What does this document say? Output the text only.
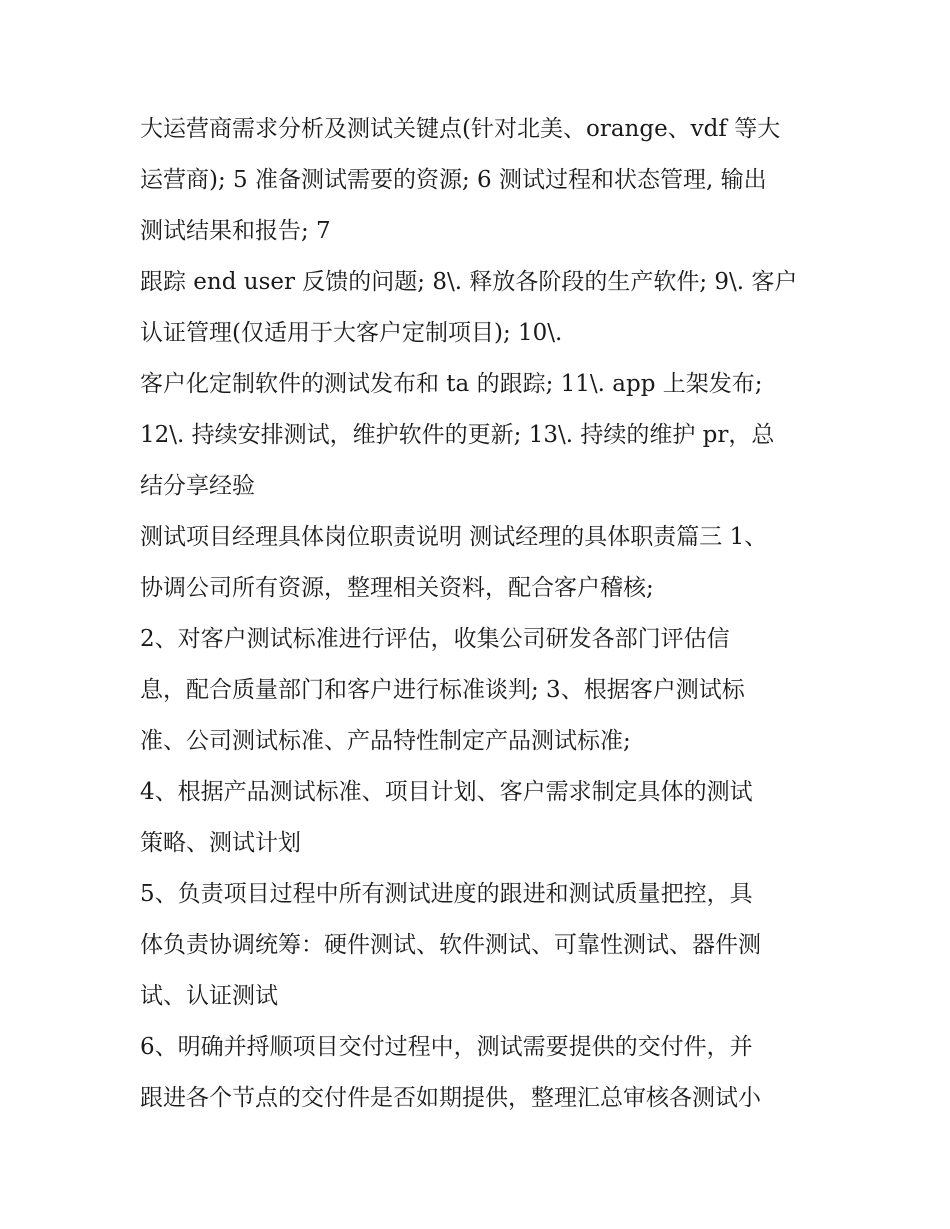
大运营商需求分析及测试关键点(针对北美、orange、vdf 等大
运营商); 5 准备测试需要的资源; 6 测试过程和状态管理, 输出
测试结果和报告; 7
跟踪 end user 反馈的问题; 8\. 释放各阶段的生产软件; 9\. 客户
认证管理(仅适用于大客户定制项目); 10\.
客户化定制软件的测试发布和 ta 的跟踪; 11\. app 上架发布;
12\. 持续安排测试，维护软件的更新; 13\. 持续的维护 pr，总
结分享经验
测试项目经理具体岗位职责说明 测试经理的具体职责篇三 1、
协调公司所有资源，整理相关资料，配合客户稽核;
2、对客户测试标准进行评估，收集公司研发各部门评估信
息，配合质量部门和客户进行标准谈判; 3、根据客户测试标
准、公司测试标准、产品特性制定产品测试标准;
4、根据产品测试标准、项目计划、客户需求制定具体的测试
策略、测试计划
5、负责项目过程中所有测试进度的跟进和测试质量把控，具
体负责协调统筹：硬件测试、软件测试、可靠性测试、器件测
试、认证测试
6、明确并捋顺项目交付过程中，测试需要提供的交付件，并
跟进各个节点的交付件是否如期提供，整理汇总审核各测试小
